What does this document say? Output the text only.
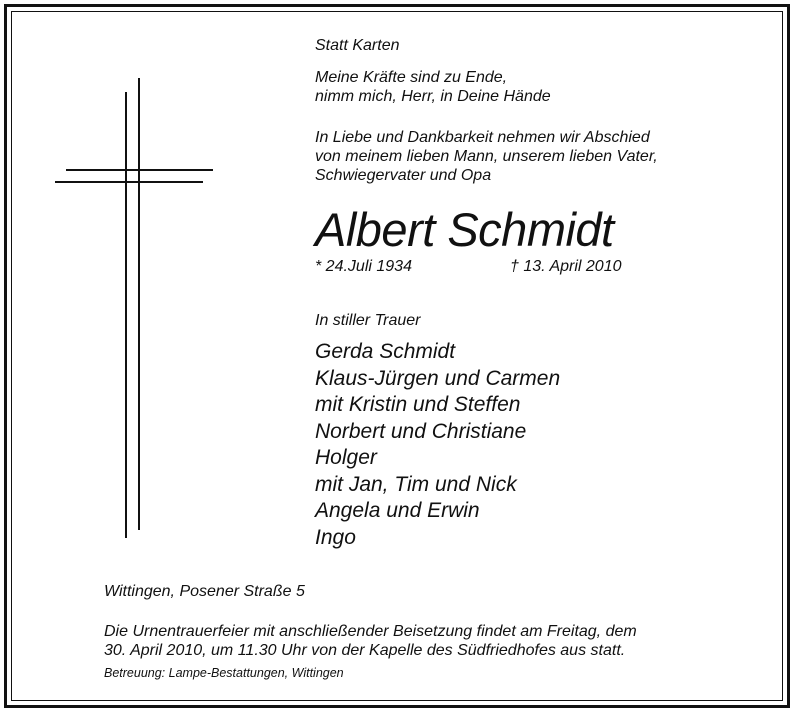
Statt Karten

Meine Kräfte sind zu Ende,
nimm mich, Herr, in Deine Hände
In Liebe und Dankbarkeit nehmen wir Abschied
von meinem lieben Mann, unserem lieben Vater,
Schwiegervater und Opa

Albert Schmidt

* 24.Juli 1934	† 13. April 2010

In stiller Trauer

Gerda Schmidt
Klaus-Jürgen und Carmen
mit Kristin und Steffen
Norbert und Christiane
Holger
mit Jan, Tim und Nick
Angela und Erwin
Ingo

Wittingen, Posener Straße 5

Die Urnentrauerfeier mit anschließender Beisetzung findet am Freitag, dem
30. April 2010, um 11.30 Uhr von der Kapelle des Südfriedhofes aus statt.

Betreuung: Lampe-Bestattungen, Wittingen
